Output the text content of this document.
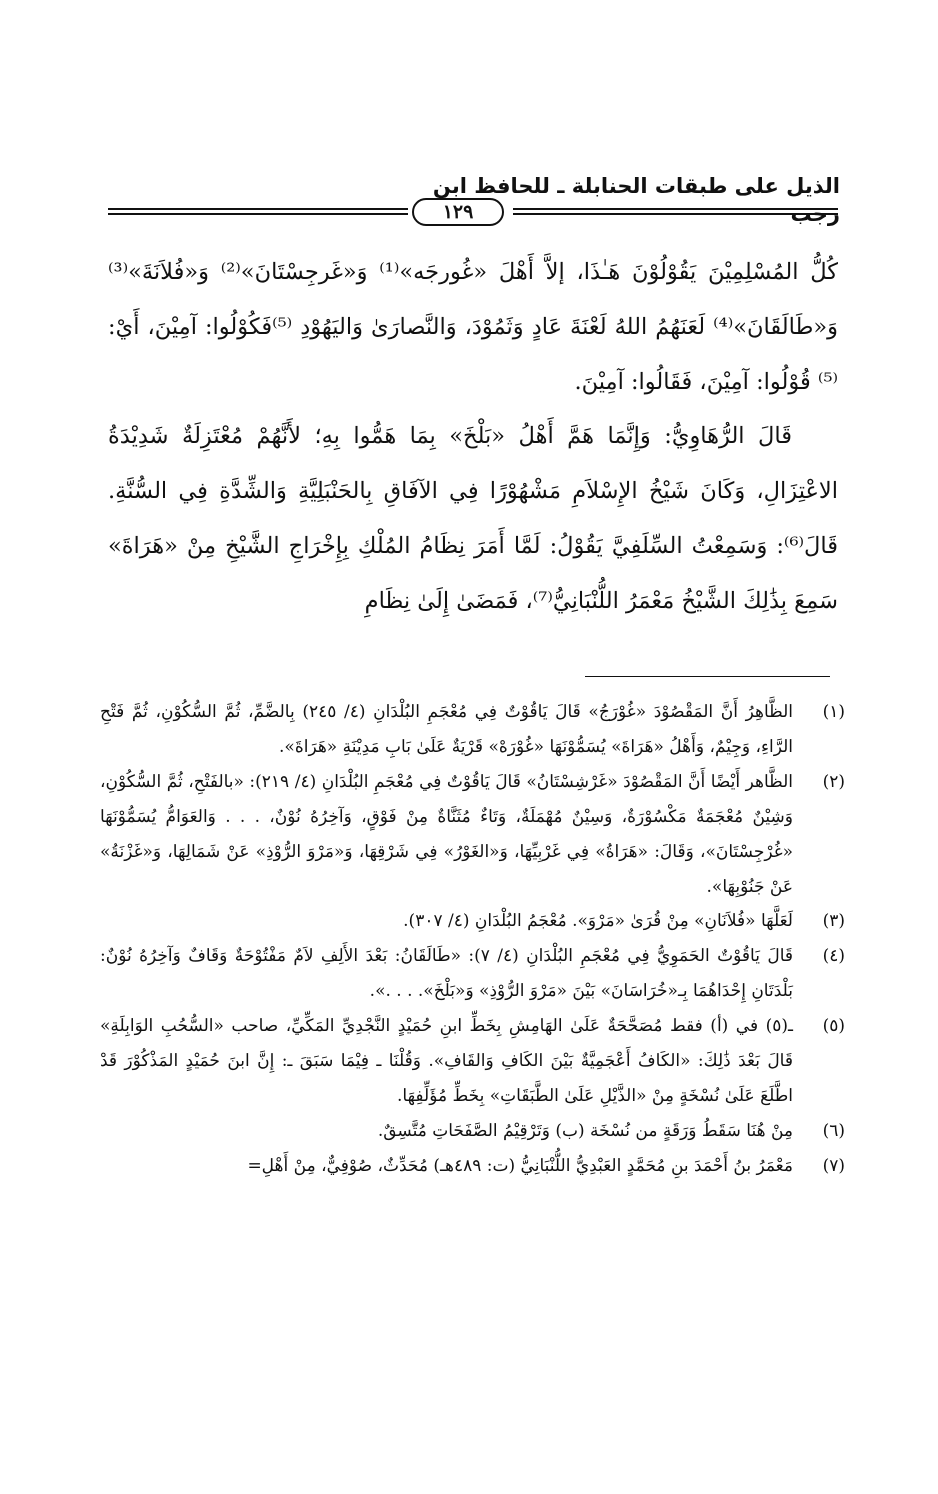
الذيل على طبقات الحنابلة ـ للحافظ ابن رجب
١٢٩

كُلُّ المُسْلِمِيْنَ يَقُوْلُوْنَ هَـٰذَا، إلاَّ أَهْلَ «غُورجَه»⁽¹⁾ وَ«غَرجِسْتَانَ»⁽²⁾ وَ«فُلاَنَةَ»⁽³⁾ وَ«طَالَقَانَ»⁽⁴⁾ لَعَنَهُمُ اللهُ لَعْنَةَ عَادٍ وَثَمُوْدَ، وَالنَّصارَىٰ وَاليَهُوْدِ ⁽⁵⁾فَكُوْلُوا: آمِيْنَ، أَيْ: ⁽⁵⁾ قُوْلُوا: آمِيْنَ، فَقَالُوا: آمِيْنَ.

قَالَ الرُّهَاوِيُّ: وَإِنَّمَا هَمَّ أَهْلُ «بَلْخَ» بِمَا هَمُّوا بِهِ؛ لأَنَّهُمْ مُعْتَزِلَةٌ شَدِيْدَةُ الاعْتِزَالِ، وَكَانَ شَيْخُ الإِسْلاَمِ مَشْهُوْرًا فِي الآفَاقِ بِالحَنْبَلِيَّةِ وَالشِّدَّةِ فِي السُّنَّةِ. قَالَ⁽⁶⁾: وَسَمِعْتُ السِّلَفِيَّ يَقُوْلُ: لَمَّا أَمَرَ نِظَامُ المُلْكِ بِإِخْرَاجِ الشَّيْخِ مِنْ «هَرَاةَ» سَمِعَ بِذَٰلِكَ الشَّيْخُ مَعْمَرُ اللُّنْبَانِيُّ⁽⁷⁾، فَمَضَىٰ إِلَىٰ نِظَامِ

(١)
الظَّاهِرُ أَنَّ المَقْصُوْدَ «غُوْرَجُ» قَالَ يَاقُوْتٌ فِي مُعْجَمِ البُلْدَانِ (٤/ ٢٤٥) بِالضَّمِّ، ثُمَّ السُّكُوْنِ، ثُمَّ فَتْحِ الرَّاءِ، وَجِيْمٌ، وَأَهْلُ «هَرَاةَ» يُسَمُّوْنَهَا «غُوْرَهْ» قَرْيَةٌ عَلَىٰ بَابِ مَدِيْنَةِ «هَرَاةَ».
(٢)
الظَّاهر أَيْضًا أَنَّ المَقْصُوْدَ «غَرْشِسْتَانُ» قَالَ يَاقُوْتٌ فِي مُعْجَمِ البُلْدَانِ (٤/ ٢١٩): «بالفَتْحِ، ثُمَّ السُّكُوْنِ، وَشِيْنٌ مُعْجَمَةٌ مَكْسُوْرَةٌ، وَسِيْنٌ مُهْمَلَةٌ، وَتَاءٌ مُثَنَّاةٌ مِنْ فَوْقٍ، وَآخِرُهُ نُوْنٌ، . . . وَالعَوَامُّ يُسَمُّوْنَهَا «غُرْجِسْتَانَ»، وَقَالَ: «هَرَاةُ» فِي غَرْبِيِّهَا، وَ«الغَوْرُ» فِي شَرْقِهَا، وَ«مَرْوَ الرُّوْذِ» عَنْ شَمَالِهَا، وَ«غَزْنَةُ» عَنْ جَنُوْبِهَا».
(٣)
لَعَلَّهَا «فُلاَنَانِ» مِنْ قُرَىٰ «مَرْوَ». مُعْجَمُ البُلْدَانِ (٤/ ٣٠٧).
(٤)
قَالَ يَاقُوْتٌ الحَمَوِيُّ فِي مُعْجَمِ البُلْدَانِ (٤/ ٧): «طَالَقَانُ: بَعْدَ الأَلِفِ لاَمٌ مَفْتُوْحَةٌ وَقَافٌ وَآخِرُهُ نُوْنٌ: بَلْدَتَانِ إِحْدَاهُمَا بِـ«خُرَاسَانَ» بَيْنَ «مَرْوَ الرُّوْذِ» وَ«بَلْخَ». . . .».
(٥)
ـ(٥) في (أ) فقط مُصَحَّحَةٌ عَلَىٰ الهَامِشِ بِخَطِّ ابنِ حُمَيْدٍ النَّجْدِيِّ المَكِّيِّ، صاحب «السُّحُبِ الوَابِلَةِ» قَالَ بَعْدَ ذَٰلِكَ: «الكَافُ أَعْجَمِيَّةٌ بَيْنَ الكَافِ وَالقَافِ». وَقُلْنَا ـ فِيْمَا سَبَقَ ـ: إِنَّ ابنَ حُمَيْدٍ المَذْكُوْرَ قَدْ اطَّلَعَ عَلَىٰ نُسْخَةٍ مِنْ «الذَّيْلِ عَلَىٰ الطَّبَقَاتِ» بِخَطِّ مُؤَلِّفِهَا.
(٦)
مِنْ هُنَا سَقَطُ وَرَقَةٍ من نُسْخَة (ب) وَتَرْقِيْمُ الصَّفَحَاتِ مُتَّسِقٌ.
(٧)
مَعْمَرُ بنُ أَحْمَدَ بنِ مُحَمَّدٍ العَبْدِيُّ اللُّنْبَانِيُّ (ت: ٤٨٩هـ) مُحَدِّثٌ، صُوْفِيٌّ، مِنْ أَهْلِ=
